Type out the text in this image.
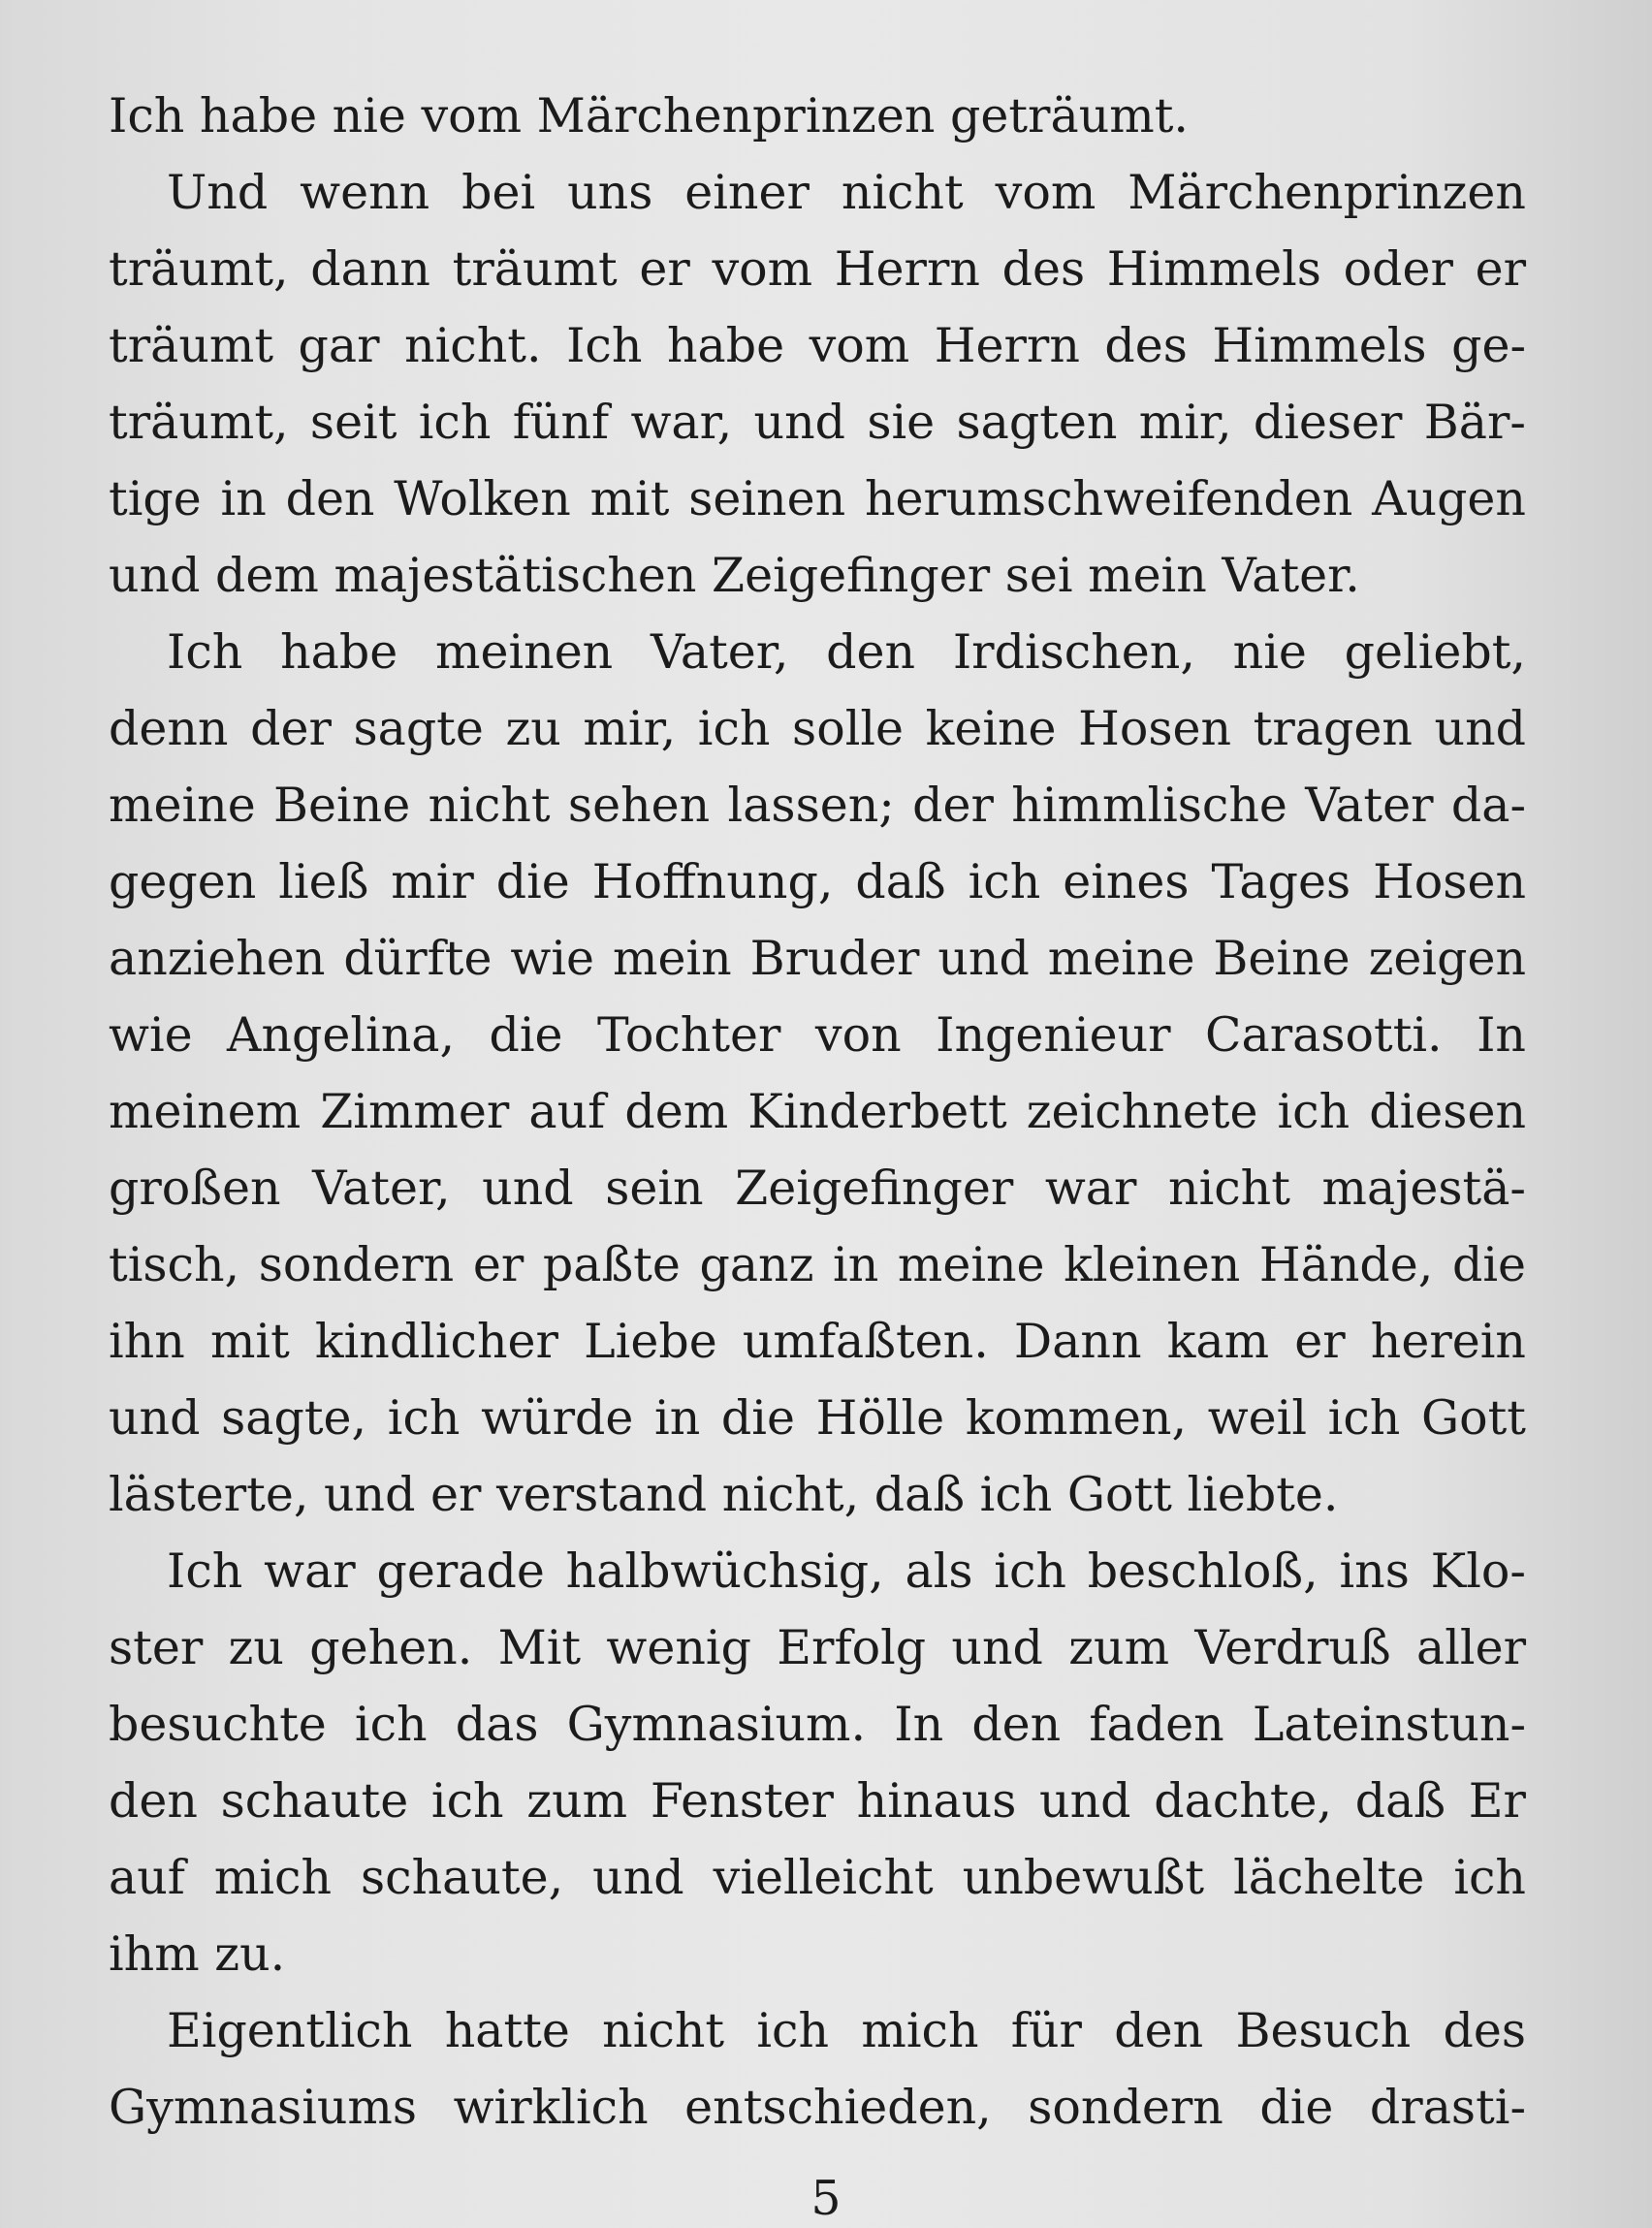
Ich habe nie vom Märchenprinzen geträumt.
Und wenn bei uns einer nicht vom Märchenprinzen
träumt, dann träumt er vom Herrn des Himmels oder er
träumt gar nicht. Ich habe vom Herrn des Himmels ge-
träumt, seit ich fünf war, und sie sagten mir, dieser Bär-
tige in den Wolken mit seinen herumschweifenden Augen
und dem majestätischen Zeigefinger sei mein Vater.
Ich habe meinen Vater, den Irdischen, nie geliebt,
denn der sagte zu mir, ich solle keine Hosen tragen und
meine Beine nicht sehen lassen; der himmlische Vater da-
gegen ließ mir die Hoffnung, daß ich eines Tages Hosen
anziehen dürfte wie mein Bruder und meine Beine zeigen
wie Angelina, die Tochter von Ingenieur Carasotti. In
meinem Zimmer auf dem Kinderbett zeichnete ich diesen
großen Vater, und sein Zeigefinger war nicht majestä-
tisch, sondern er paßte ganz in meine kleinen Hände, die
ihn mit kindlicher Liebe umfaßten. Dann kam er herein
und sagte, ich würde in die Hölle kommen, weil ich Gott
lästerte, und er verstand nicht, daß ich Gott liebte.
Ich war gerade halbwüchsig, als ich beschloß, ins Klo-
ster zu gehen. Mit wenig Erfolg und zum Verdruß aller
besuchte ich das Gymnasium. In den faden Lateinstun-
den schaute ich zum Fenster hinaus und dachte, daß Er
auf mich schaute, und vielleicht unbewußt lächelte ich
ihm zu.
Eigentlich hatte nicht ich mich für den Besuch des
Gymnasiums wirklich entschieden, sondern die drasti-
5
